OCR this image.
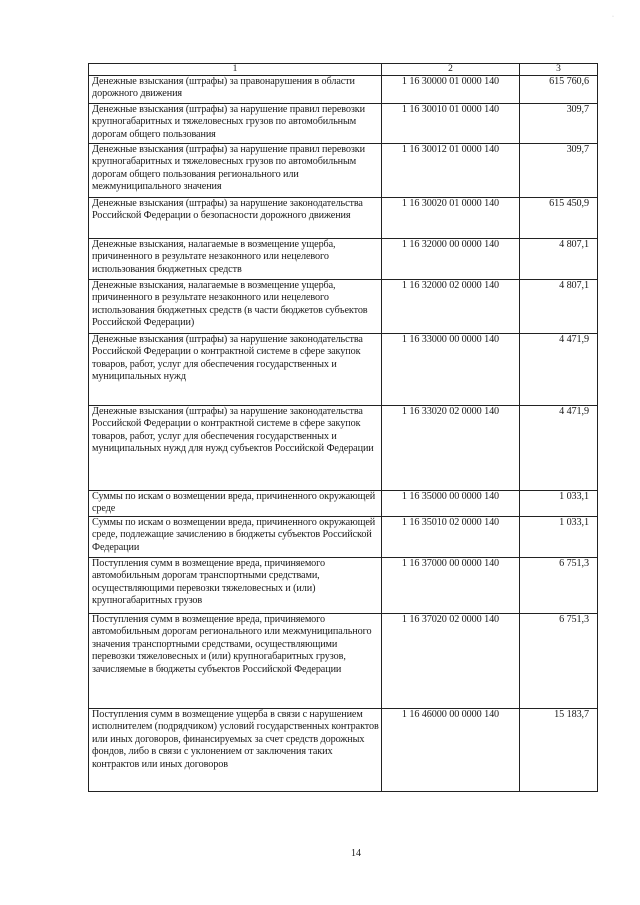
·
1	2	3
Денежные взыскания (штрафы) за правонарушения в области дорожного движения	1 16 30000 01 0000 140	615 760,6
Денежные взыскания (штрафы) за нарушение правил перевозки крупногабаритных и тяжеловесных грузов по автомобильным дорогам общего пользования	1 16 30010 01 0000 140	309,7
Денежные взыскания (штрафы) за нарушение правил перевозки крупногабаритных и тяжеловесных грузов по автомобильным дорогам общего пользования регионального или межмуниципального значения	1 16 30012 01 0000 140	309,7
Денежные взыскания (штрафы) за нарушение законодательства Российской Федерации о безопасности дорожного движения	1 16 30020 01 0000 140	615 450,9
Денежные взыскания, налагаемые в возмещение ущерба, причиненного в результате незаконного или нецелевого использования бюджетных средств	1 16 32000 00 0000 140	4 807,1
Денежные взыскания, налагаемые в возмещение ущерба, причиненного в результате незаконного или нецелевого использования бюджетных средств (в части бюджетов субъектов Российской Федерации)	1 16 32000 02 0000 140	4 807,1
Денежные взыскания (штрафы) за нарушение законодательства Российской Федерации о контрактной системе в сфере закупок товаров, работ, услуг для обеспечения государственных и муниципальных нужд	1 16 33000 00 0000 140	4 471,9
Денежные взыскания (штрафы) за нарушение законодательства Российской Федерации о контрактной системе в сфере закупок товаров, работ, услуг для обеспечения государственных и муниципальных нужд для нужд субъектов Российской Федерации	1 16 33020 02 0000 140	4 471,9
Суммы по искам о возмещении вреда, причиненного окружающей среде	1 16 35000 00 0000 140	1 033,1
Суммы по искам о возмещении вреда, причиненного окружающей среде, подлежащие зачислению в бюджеты субъектов Российской Федерации	1 16 35010 02 0000 140	1 033,1
Поступления сумм в возмещение вреда, причиняемого автомобильным дорогам транспортными средствами, осуществляющими перевозки тяжеловесных и (или) крупногабаритных грузов	1 16 37000 00 0000 140	6 751,3
Поступления сумм в возмещение вреда, причиняемого автомобильным дорогам регионального или межмуниципального значения транспортными средствами, осуществляющими перевозки тяжеловесных и (или) крупногабаритных грузов, зачисляемые в бюджеты субъектов Российской Федерации	1 16 37020 02 0000 140	6 751,3
Поступления сумм в возмещение ущерба в связи с нарушением исполнителем (подрядчиком) условий государственных контрактов или иных договоров, финансируемых за счет средств дорожных фондов, либо в связи с уклонением от заключения таких контрактов или иных договоров	1 16 46000 00 0000 140	15 183,7
14
